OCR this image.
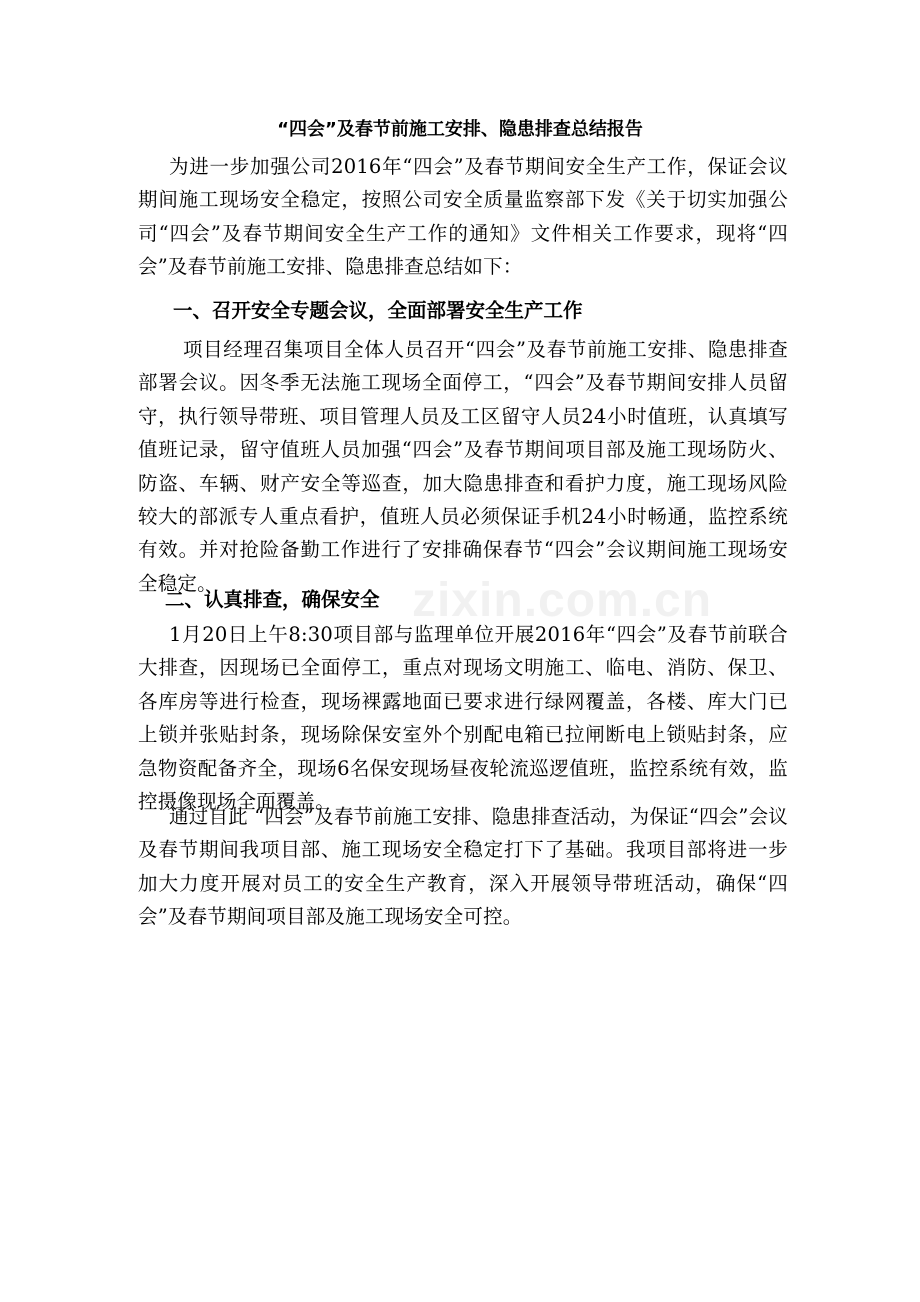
“四会”及春节前施工安排、隐患排查总结报告
为进一步加强公司2016年“四会”及春节期间安全生产工作，保证会议期间施工现场安全稳定，按照公司安全质量监察部下发《关于切实加强公司“四会”及春节期间安全生产工作的通知》文件相关工作要求，现将“四会”及春节前施工安排、隐患排查总结如下：
一、召开安全专题会议，全面部署安全生产工作
项目经理召集项目全体人员召开“四会”及春节前施工安排、隐患排查部署会议。因冬季无法施工现场全面停工，“四会”及春节期间安排人员留守，执行领导带班、项目管理人员及工区留守人员24小时值班，认真填写值班记录，留守值班人员加强“四会”及春节期间项目部及施工现场防火、防盗、车辆、财产安全等巡查，加大隐患排查和看护力度，施工现场风险较大的部派专人重点看护，值班人员必须保证手机24小时畅通，监控系统有效。并对抢险备勤工作进行了安排确保春节“四会”会议期间施工现场安全稳定。
二、认真排查，确保安全
1月20日上午8:30项目部与监理单位开展2016年“四会”及春节前联合大排查，因现场已全面停工，重点对现场文明施工、临电、消防、保卫、各库房等进行检查，现场裸露地面已要求进行绿网覆盖，各楼、库大门已上锁并张贴封条，现场除保安室外个别配电箱已拉闸断电上锁贴封条，应急物资配备齐全，现场6名保安现场昼夜轮流巡逻值班，监控系统有效，监控摄像现场全面覆盖。
通过自此 “四会”及春节前施工安排、隐患排查活动，为保证“四会”会议及春节期间我项目部、施工现场安全稳定打下了基础。我项目部将进一步加大力度开展对员工的安全生产教育，深入开展领导带班活动，确保“四会”及春节期间项目部及施工现场安全可控。
zixin.com.cn
